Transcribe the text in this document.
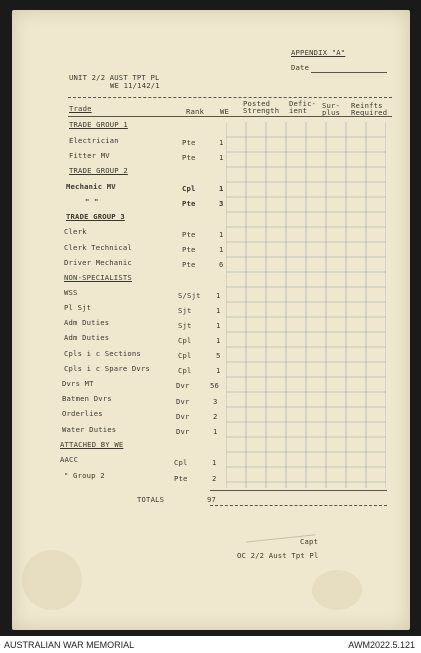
APPENDIX "A"
Date
UNIT 2/2 AUST TPT PL
WE 11/142/1
Posted	Defic- Sur- Reinfts
Trade	Rank WE Strength ient plus Required
TRADE GROUP 1
Electrician	Pte	1
Fitter MV	Pte	1
TRADE GROUP 2
Mechanic MV	Cpl	1
" "	Pte	3
TRADE GROUP 3
Clerk	Pte	1
Clerk Technical	Pte	1
Driver Mechanic	Pte	6
NON-SPECIALISTS
WSS	S/Sjt 1
Pl Sjt	Sjt	1
Adm Duties	Sjt	1
Adm Duties	Cpl	1
Cpls i c Sections	Cpl	5
Cpls i c Spare Dvrs	Cpl	1
Dvrs MT	Dvr	56
Batmen Dvrs	Dvr	3
Orderlies	Dvr	2
Water Duties	Dvr	1
ATTACHED BY WE
AACC	Cpl	1
" Group 2	Pte	2
TOTALS	97
Capt
OC 2/2 Aust Tpt Pl
AUSTRALIAN WAR MEMORIAL	AWM2022.5.121
